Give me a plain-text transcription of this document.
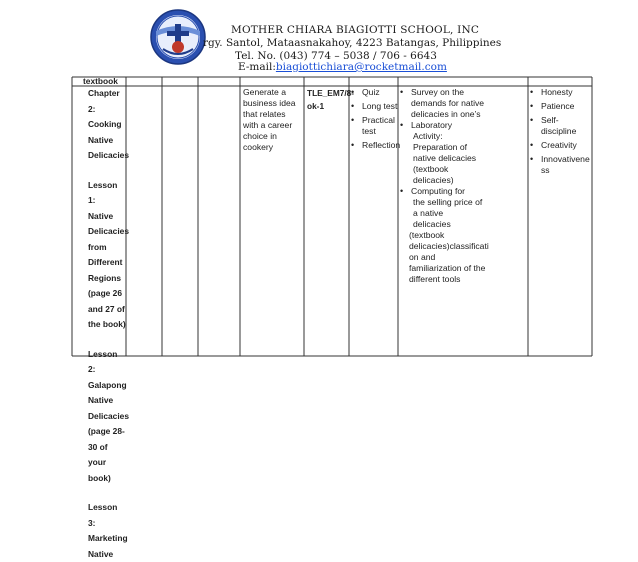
MOTHER CHIARA BIAGIOTTI SCHOOL, INC
rgy. Santol, Mataasnakahoy, 4223 Batangas, Philippines
Tel. No. (043) 774 – 5038 / 706 - 6643
E-mail:biagiottichiara@rocketmail.com
textbook
Chapter 2:
Cooking
Native
Delicacies
Lesson 1:
Native
Delicacies
from
Different
Regions
(page 26
and 27 of
the book)
Lesson 2:
Galapong
Native
Delicacies
(page 28-
30 of your
book)
Lesson 3:
Marketing
Native
Generate a
business idea
that relates
with a career
choice in
cookery
TLE_EM7/8-
ok-1
• Quiz
• Long test
• Practical test
• Reflection
• Survey on the
demands for native
delicacies in one’s
• Laboratory
Activity:
Preparation of
native delicacies
(textbook
delicacies)
• Computing for
the selling price of
a native
delicacies
(textbook
delicacies)classificati
on and
familiarization of the
different tools
• Honesty
• Patience
• Self-
discipline
• Creativity
• Innovativene
ss
